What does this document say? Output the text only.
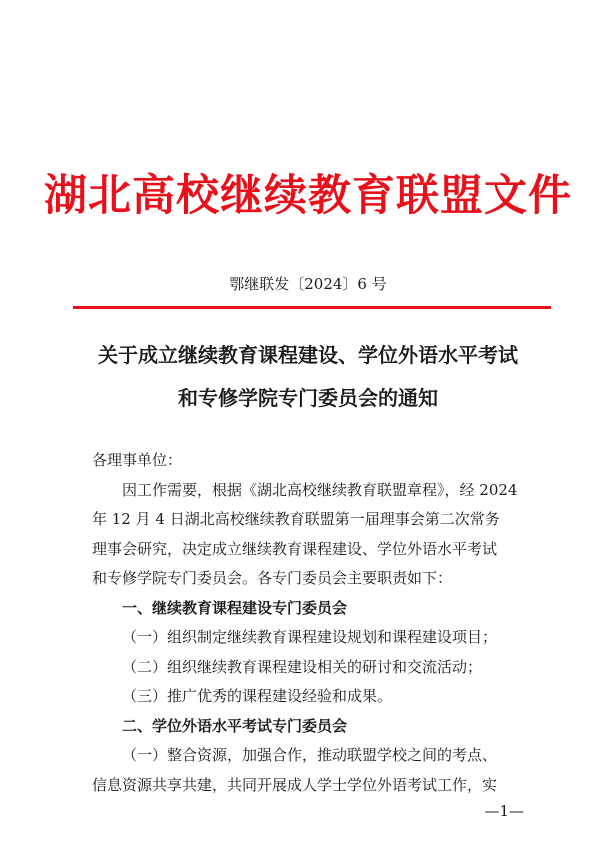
湖北高校继续教育联盟文件
鄂继联发〔2024〕6 号
关于成立继续教育课程建设、学位外语水平考试
和专修学院专门委员会的通知

各理事单位：

因工作需要，根据《湖北高校继续教育联盟章程》，经 2024

年 12 月 4 日湖北高校继续教育联盟第一届理事会第二次常务

理事会研究，决定成立继续教育课程建设、学位外语水平考试

和专修学院专门委员会。各专门委员会主要职责如下：

一、继续教育课程建设专门委员会

（一）组织制定继续教育课程建设规划和课程建设项目；

（二）组织继续教育课程建设相关的研讨和交流活动；

（三）推广优秀的课程建设经验和成果。

二、学位外语水平考试专门委员会

（一）整合资源，加强合作，推动联盟学校之间的考点、

信息资源共享共建，共同开展成人学士学位外语考试工作，实

—1—
